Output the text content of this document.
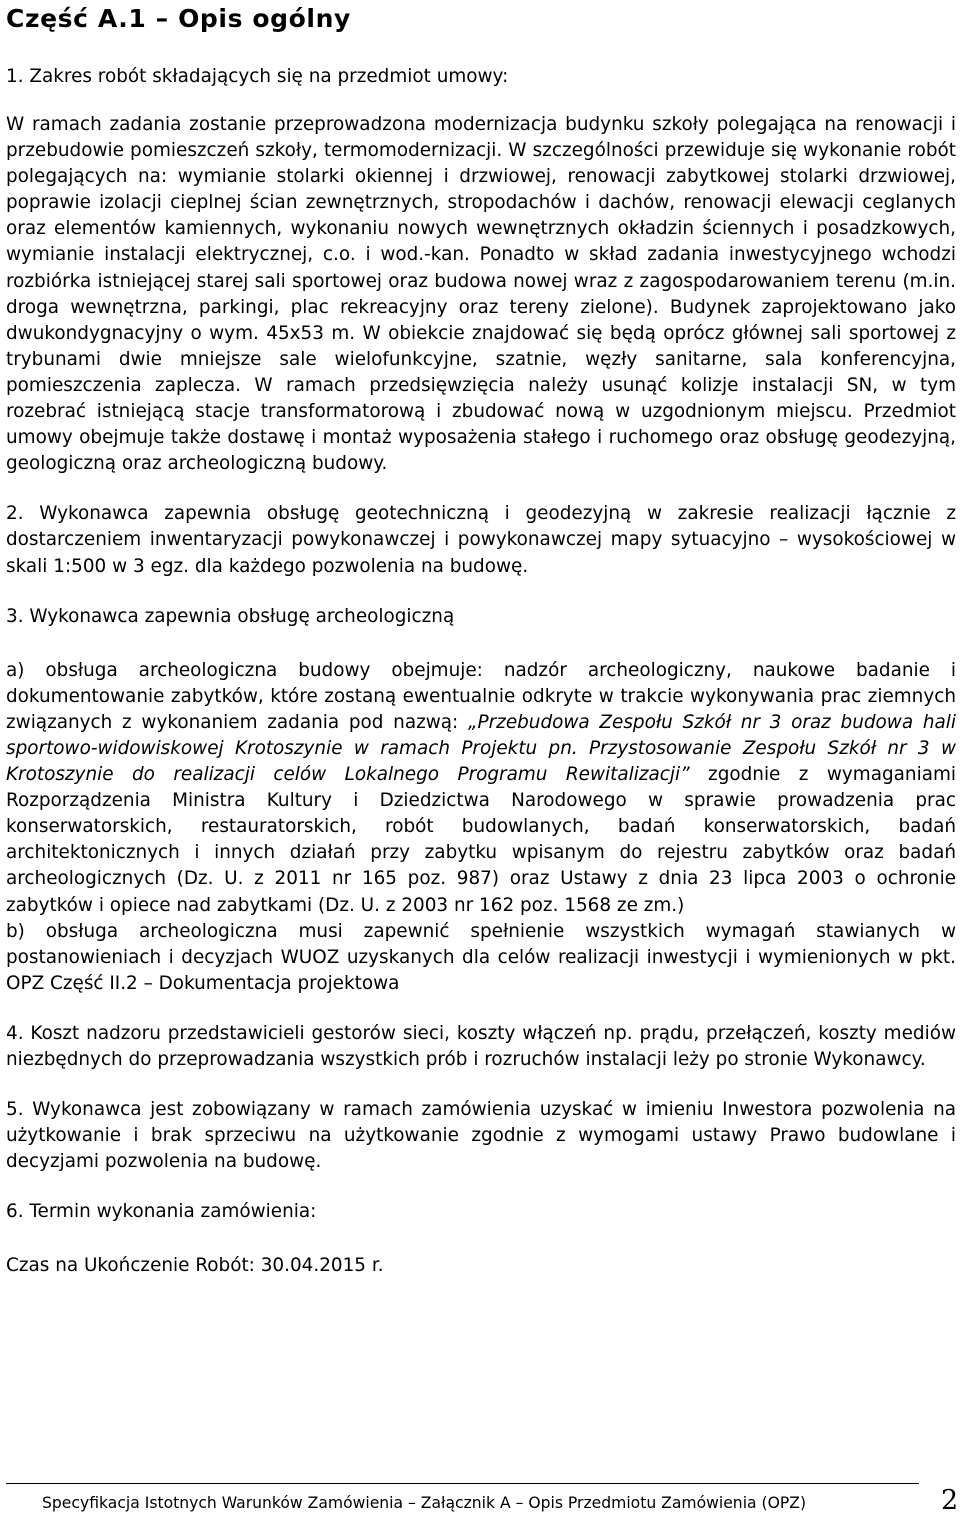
Część A.1 – Opis ogólny

1. Zakres robót składających się na przedmiot umowy:

W ramach zadania zostanie przeprowadzona modernizacja budynku szkoły polegająca na renowacji i przebudowie pomieszczeń szkoły, termomodernizacji. W szczególności przewiduje się wykonanie robót polegających na: wymianie stolarki okiennej i drzwiowej, renowacji zabytkowej stolarki drzwiowej, poprawie izolacji cieplnej ścian zewnętrznych, stropodachów i dachów, renowacji elewacji ceglanych oraz elementów kamiennych, wykonaniu nowych wewnętrznych okładzin ściennych i posadzkowych, wymianie instalacji elektrycznej, c.o. i wod.-kan. Ponadto w skład zadania inwestycyjnego wchodzi rozbiórka istniejącej starej sali sportowej oraz budowa nowej wraz z zagospodarowaniem terenu (m.in. droga wewnętrzna, parkingi, plac rekreacyjny oraz tereny zielone). Budynek zaprojektowano jako dwukondygnacyjny o wym. 45x53 m. W obiekcie znajdować się będą oprócz głównej sali sportowej z trybunami dwie mniejsze sale wielofunkcyjne, szatnie, węzły sanitarne, sala konferencyjna, pomieszczenia zaplecza. W ramach przedsięwzięcia należy usunąć kolizje instalacji SN, w tym rozebrać istniejącą stacje transformatorową i zbudować nową w uzgodnionym miejscu. Przedmiot umowy obejmuje także dostawę i montaż wyposażenia stałego i ruchomego oraz obsługę geodezyjną, geologiczną oraz archeologiczną budowy.

2. Wykonawca zapewnia obsługę geotechniczną i geodezyjną w zakresie realizacji łącznie z dostarczeniem inwentaryzacji powykonawczej i powykonawczej mapy sytuacyjno – wysokościowej w skali 1:500 w 3 egz. dla każdego pozwolenia na budowę.

3. Wykonawca zapewnia obsługę archeologiczną

a) obsługa archeologiczna budowy obejmuje: nadzór archeologiczny, naukowe badanie i dokumentowanie zabytków, które zostaną ewentualnie odkryte w trakcie wykonywania prac ziemnych związanych z wykonaniem zadania pod nazwą: „Przebudowa Zespołu Szkół nr 3 oraz budowa hali sportowo-widowiskowej Krotoszynie w ramach Projektu pn. Przystosowanie Zespołu Szkół nr 3 w Krotoszynie do realizacji celów Lokalnego Programu Rewitalizacji” zgodnie z wymaganiami Rozporządzenia Ministra Kultury i Dziedzictwa Narodowego w sprawie prowadzenia prac konserwatorskich, restauratorskich, robót budowlanych, badań konserwatorskich, badań architektonicznych i innych działań przy zabytku wpisanym do rejestru zabytków oraz badań archeologicznych (Dz. U. z 2011 nr 165 poz. 987) oraz Ustawy z dnia 23 lipca 2003 o ochronie zabytków i opiece nad zabytkami (Dz. U. z 2003 nr 162 poz. 1568 ze zm.)

b) obsługa archeologiczna musi zapewnić spełnienie wszystkich wymagań stawianych w postanowieniach i decyzjach WUOZ uzyskanych dla celów realizacji inwestycji i wymienionych w pkt. OPZ Część II.2 – Dokumentacja projektowa

4. Koszt nadzoru przedstawicieli gestorów sieci, koszty włączeń np. prądu, przełączeń, koszty mediów niezbędnych do przeprowadzania wszystkich prób i rozruchów instalacji leży po stronie Wykonawcy.

5. Wykonawca jest zobowiązany w ramach zamówienia uzyskać w imieniu Inwestora pozwolenia na użytkowanie i brak sprzeciwu na użytkowanie zgodnie z wymogami ustawy Prawo budowlane i decyzjami pozwolenia na budowę.

6. Termin wykonania zamówienia:

Czas na Ukończenie Robót: 30.04.2015 r.

Specyfikacja Istotnych Warunków Zamówienia – Załącznik A – Opis Przedmiotu Zamówienia (OPZ)	2
